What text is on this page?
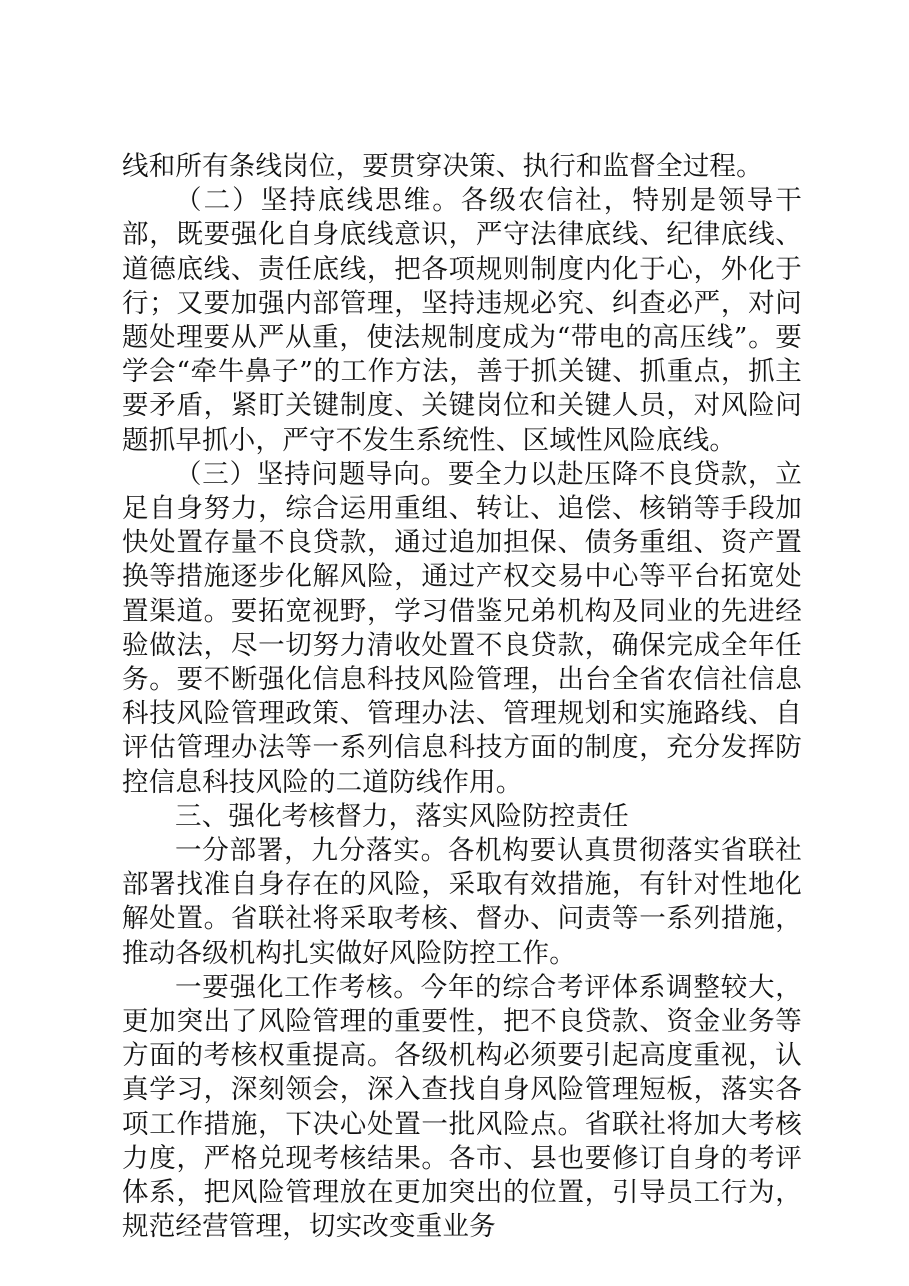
线和所有条线岗位，要贯穿决策、执行和监督全过程。

（二）坚持底线思维。各级农信社，特别是领导干部，既要强化自身底线意识，严守法律底线、纪律底线、道德底线、责任底线，把各项规则制度内化于心，外化于行；又要加强内部管理，坚持违规必究、纠查必严，对问题处理要从严从重，使法规制度成为“带电的高压线”。要学会“牵牛鼻子”的工作方法，善于抓关键、抓重点，抓主要矛盾，紧盯关键制度、关键岗位和关键人员，对风险问题抓早抓小，严守不发生系统性、区域性风险底线。

（三）坚持问题导向。要全力以赴压降不良贷款，立足自身努力，综合运用重组、转让、追偿、核销等手段加快处置存量不良贷款，通过追加担保、债务重组、资产置换等措施逐步化解风险，通过产权交易中心等平台拓宽处置渠道。要拓宽视野，学习借鉴兄弟机构及同业的先进经验做法，尽一切努力清收处置不良贷款，确保完成全年任务。要不断强化信息科技风险管理，出台全省农信社信息科技风险管理政策、管理办法、管理规划和实施路线、自评估管理办法等一系列信息科技方面的制度，充分发挥防控信息科技风险的二道防线作用。

三、强化考核督力，落实风险防控责任

一分部署，九分落实。各机构要认真贯彻落实省联社部署找准自身存在的风险，采取有效措施，有针对性地化解处置。省联社将采取考核、督办、问责等一系列措施，推动各级机构扎实做好风险防控工作。

一要强化工作考核。今年的综合考评体系调整较大，更加突出了风险管理的重要性，把不良贷款、资金业务等方面的考核权重提高。各级机构必须要引起高度重视，认真学习，深刻领会，深入查找自身风险管理短板，落实各项工作措施，下决心处置一批风险点。省联社将加大考核力度，严格兑现考核结果。各市、县也要修订自身的考评体系，把风险管理放在更加突出的位置，引导员工行为，规范经营管理，切实改变重业务
